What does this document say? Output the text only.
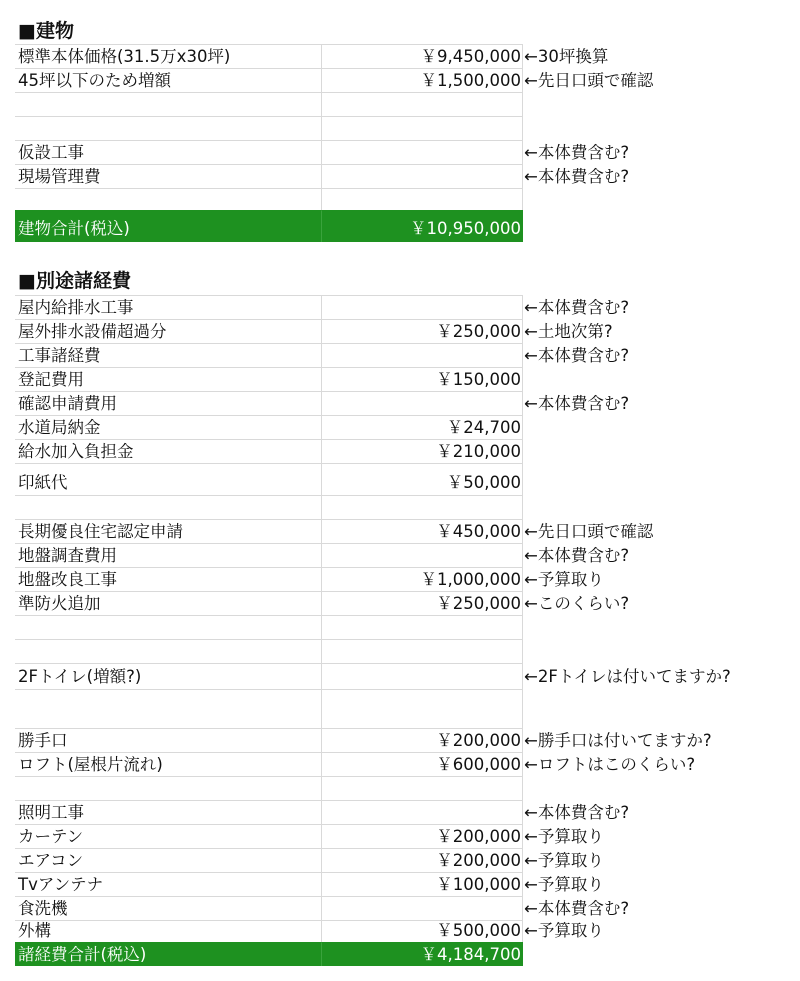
■建物
標準本体価格(31.5万x30坪)	￥9,450,000 ←30坪換算
45坪以下のため増額	￥1,500,000 ←先日口頭で確認
仮設工事	←本体費含む?
現場管理費	←本体費含む?
建物合計(税込)	￥10,950,000
■別途諸経費
屋内給排水工事	←本体費含む?
屋外排水設備超過分	￥250,000 ←土地次第?
工事諸経費	←本体費含む?
登記費用	￥150,000
確認申請費用	←本体費含む?
水道局納金	￥24,700
給水加入負担金	￥210,000
印紙代	￥50,000
長期優良住宅認定申請	￥450,000 ←先日口頭で確認
地盤調査費用	←本体費含む?
地盤改良工事	￥1,000,000 ←予算取り
準防火追加	￥250,000 ←このくらい?
2Fトイレ(増額?)	←2Fトイレは付いてますか?
勝手口	￥200,000 ←勝手口は付いてますか?
ロフト(屋根片流れ)	￥600,000 ←ロフトはこのくらい?
照明工事	←本体費含む?
カーテン	￥200,000 ←予算取り
エアコン	￥200,000 ←予算取り
Tvアンテナ	￥100,000 ←予算取り
食洗機	←本体費含む?
外構	￥500,000 ←予算取り
諸経費合計(税込)	￥4,184,700
